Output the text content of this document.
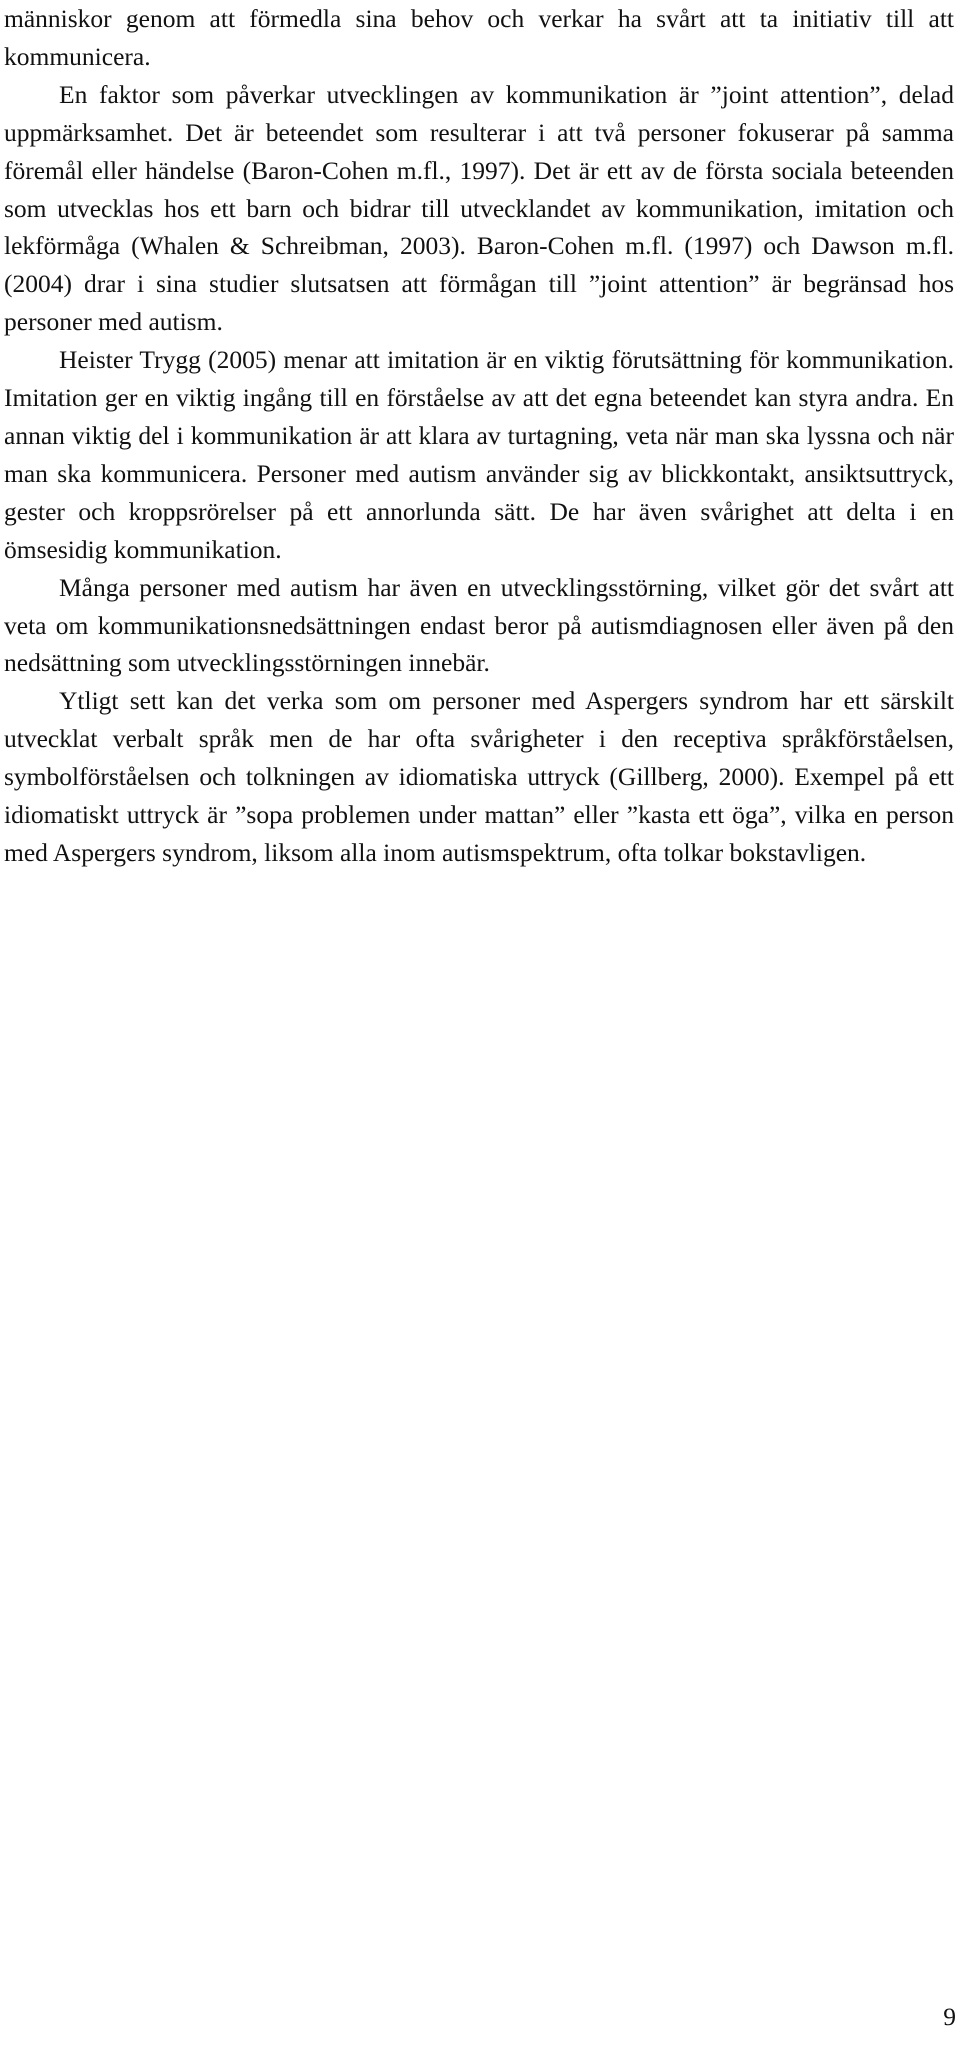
människor genom att förmedla sina behov och verkar ha svårt att ta initiativ till att kommunicera.

En faktor som påverkar utvecklingen av kommunikation är ”joint attention”, delad uppmärksamhet. Det är beteendet som resulterar i att två personer fokuserar på samma föremål eller händelse (Baron-Cohen m.fl., 1997). Det är ett av de första sociala beteenden som utvecklas hos ett barn och bidrar till utvecklandet av kommunikation, imitation och lekförmåga (Whalen & Schreibman, 2003). Baron-Cohen m.fl. (1997) och Dawson m.fl. (2004) drar i sina studier slutsatsen att förmågan till ”joint attention” är begränsad hos personer med autism.

Heister Trygg (2005) menar att imitation är en viktig förutsättning för kommunikation. Imitation ger en viktig ingång till en förståelse av att det egna beteendet kan styra andra. En annan viktig del i kommunikation är att klara av turtagning, veta när man ska lyssna och när man ska kommunicera. Personer med autism använder sig av blickkontakt, ansiktsuttryck, gester och kroppsrörelser på ett annorlunda sätt. De har även svårighet att delta i en ömsesidig kommunikation.

Många personer med autism har även en utvecklingsstörning, vilket gör det svårt att veta om kommunikationsnedsättningen endast beror på autismdiagnosen eller även på den nedsättning som utvecklingsstörningen innebär.

Ytligt sett kan det verka som om personer med Aspergers syndrom har ett särskilt utvecklat verbalt språk men de har ofta svårigheter i den receptiva språkförståelsen, symbolförståelsen och tolkningen av idiomatiska uttryck (Gillberg, 2000). Exempel på ett idiomatiskt uttryck är ”sopa problemen under mattan” eller ”kasta ett öga”, vilka en person med Aspergers syndrom, liksom alla inom autismspektrum, ofta tolkar bokstavligen.

9
